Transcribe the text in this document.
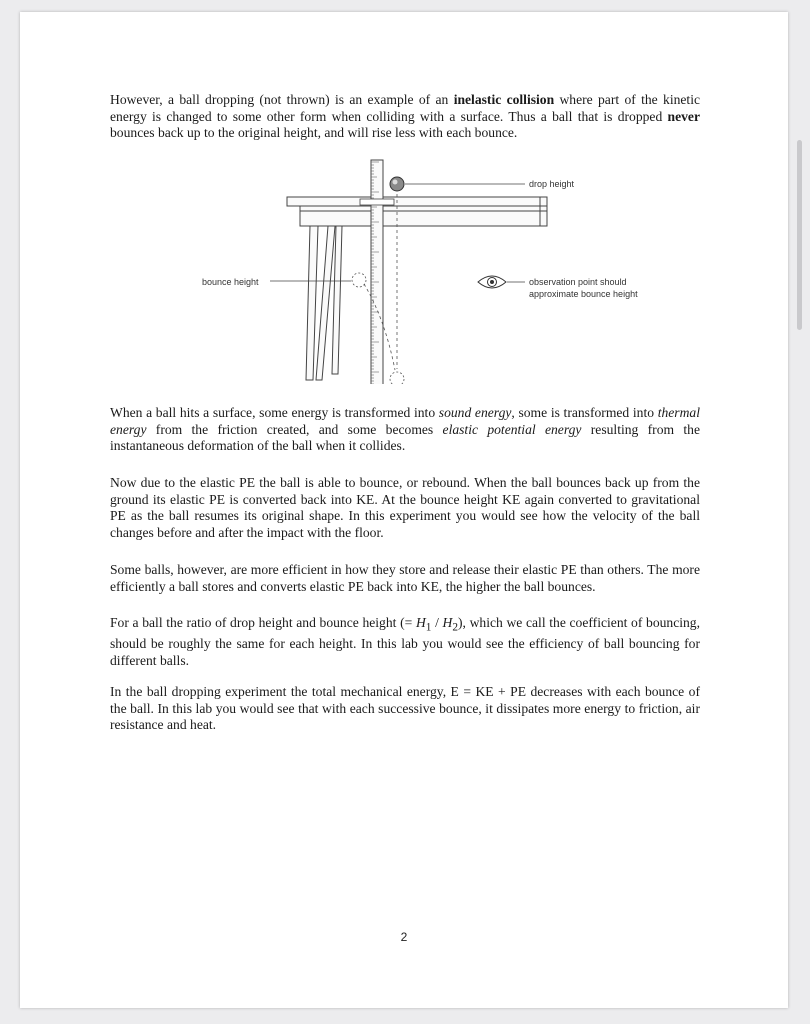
However, a ball dropping (not thrown) is an example of an inelastic collision where part of the kinetic energy is changed to some other form when colliding with a surface. Thus a ball that is dropped never bounces back up to the original height, and will rise less with each bounce.

drop height
bounce height	observation point should
approximate bounce height

When a ball hits a surface, some energy is transformed into sound energy, some is transformed into thermal energy from the friction created, and some becomes elastic potential energy resulting from the instantaneous deformation of the ball when it collides.

Now due to the elastic PE the ball is able to bounce, or rebound. When the ball bounces back up from the ground its elastic PE is converted back into KE. At the bounce height KE again converted to gravitational PE as the ball resumes its original shape. In this experiment you would see how the velocity of the ball changes before and after the impact with the floor.

Some balls, however, are more efficient in how they store and release their elastic PE than others. The more efficiently a ball stores and converts elastic PE back into KE, the higher the ball bounces.

For a ball the ratio of drop height and bounce height (= $H_1 / H_2$), which we call the coefficient of bouncing, should be roughly the same for each height. In this lab you would see the efficiency of ball bouncing for different balls.

In the ball dropping experiment the total mechanical energy, E = KE + PE decreases with each bounce of the ball. In this lab you would see that with each successive bounce, it dissipates more energy to friction, air resistance and heat.

2
